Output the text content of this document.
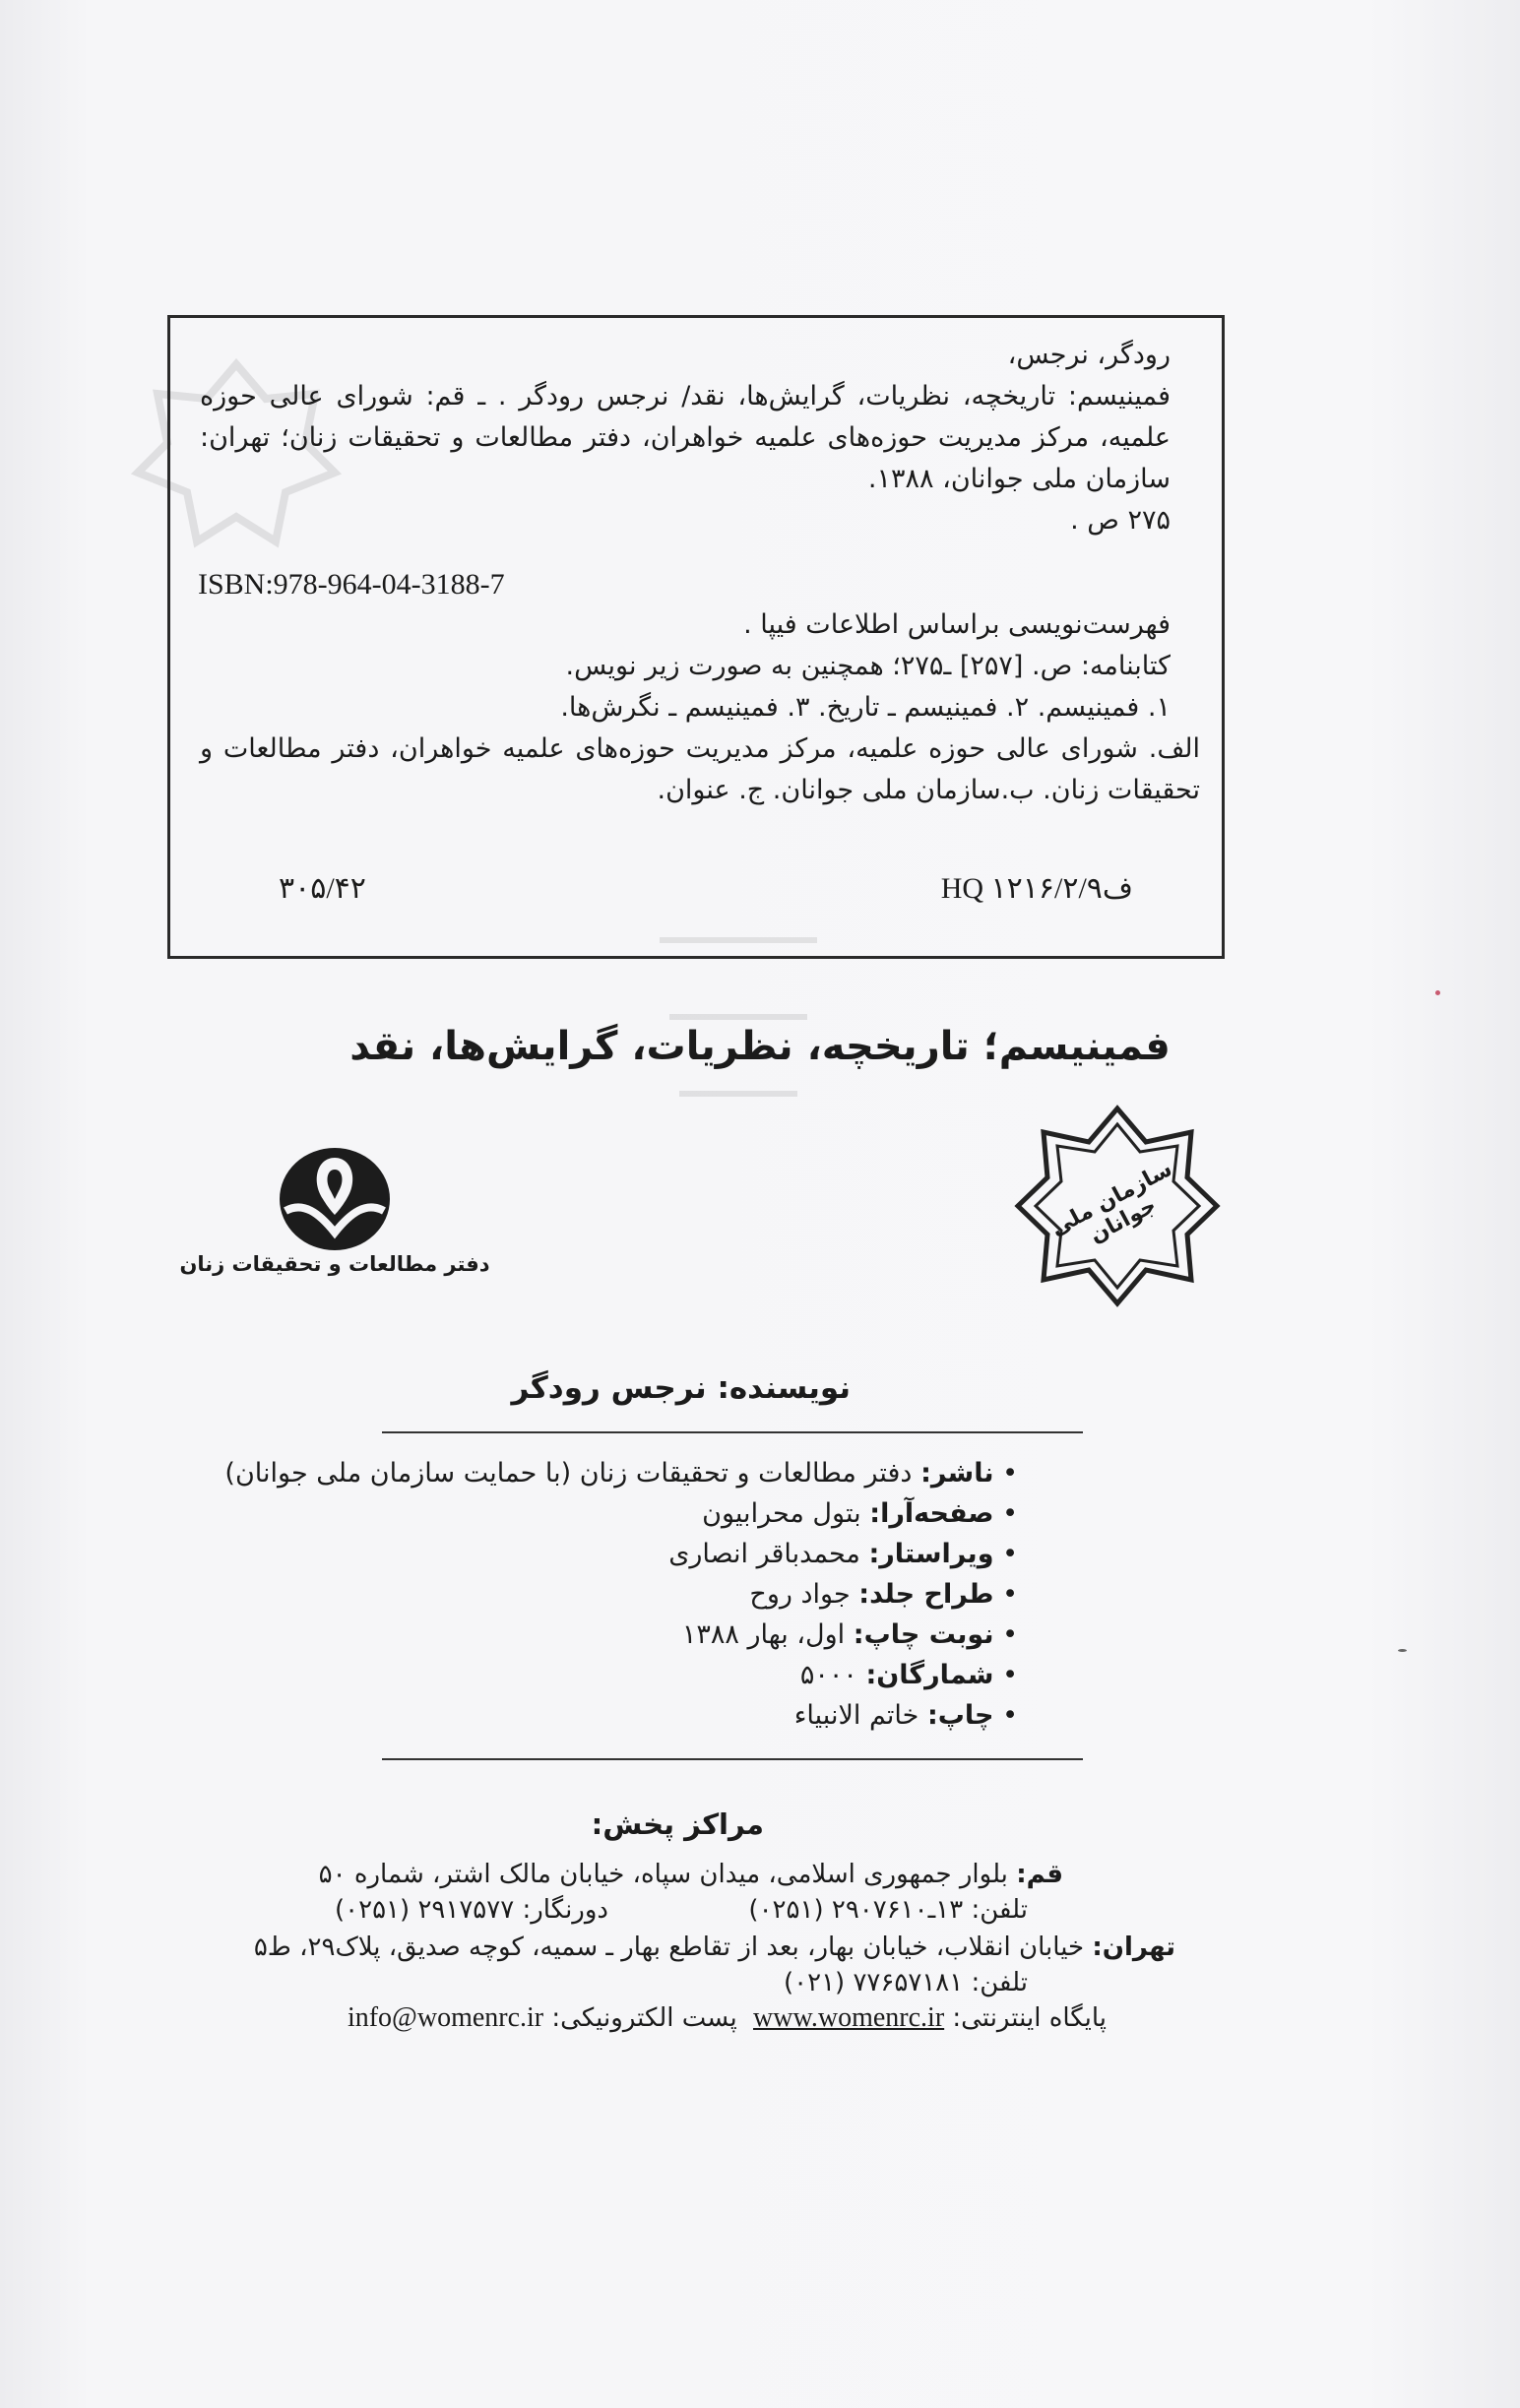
رودگر، نرجس،
فمینیسم: تاریخچه، نظریات، گرایش‌ها، نقد/ نرجس رودگر . ـ قم: شورای عالی حوزه
علمیه، مرکز مدیریت حوزه‌های علمیه خواهران، دفتر مطالعات و تحقیقات زنان؛ تهران:
سازمان ملی جوانان، ۱۳۸۸.
۲۷۵ ص .
ISBN:978-964-04-3188-7
فهرست‌نویسی براساس اطلاعات فیپا .
کتابنامه: ص. [۲۵۷] ـ۲۷۵؛ همچنین به صورت زیر نویس.
۱. فمینیسم. ۲. فمینیسم ـ تاریخ. ۳. فمینیسم ـ نگرش‌ها.
الف. شورای عالی حوزه علمیه، مرکز مدیریت حوزه‌های علمیه خواهران، دفتر مطالعات و
تحقیقات زنان. ب.سازمان ملی جوانان. ج. عنوان.
HQ ۱۲۱۶/ف۲/۹
۳۰۵/۴۲
فمینیسم؛ تاریخچه، نظریات، گرایش‌ها، نقد
دفتر مطالعات و تحقیقات زنان
سازمان ملی جوانان
نویسنده: نرجس رودگر
• ناشر: دفتر مطالعات و تحقیقات زنان (با حمایت سازمان ملی جوانان)
• صفحه‌آرا: بتول محرابیون
• ویراستار: محمدباقر انصاری
• طراح جلد: جواد روح
• نوبت چاپ: اول، بهار ۱۳۸۸
• شمارگان: ۵۰۰۰
• چاپ: خاتم الانبیاء
مراکز پخش:
قم: بلوار جمهوری اسلامی، میدان سپاه، خیابان مالک اشتر، شماره ۵۰
تلفن: ۱۳ـ۲۹۰۷۶۱۰ (۰۲۵۱)
دورنگار: ۲۹۱۷۵۷۷ (۰۲۵۱)
تهران: خیابان انقلاب، خیابان بهار، بعد از تقاطع بهار ـ سمیه، کوچه صدیق، پلاک۲۹، ط۵
تلفن: ۷۷۶۵۷۱۸۱ (۰۲۱)
پایگاه اینترنتی: www.womenrc.ir پست الکترونیکی: info@womenrc.ir
